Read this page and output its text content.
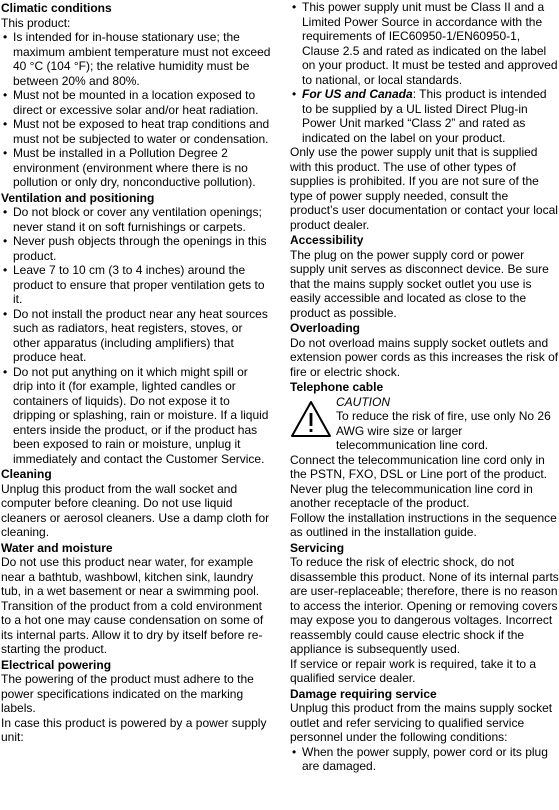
Climatic conditions

This product:

• Is intended for in-house stationary use; the maximum ambient temperature must not exceed 40 °C (104 °F); the relative humidity must be between 20% and 80%.
• Must not be mounted in a location exposed to direct or excessive solar and/or heat radiation.
• Must not be exposed to heat trap conditions and must not be subjected to water or condensation.
• Must be installed in a Pollution Degree 2 environment (environment where there is no pollution or only dry, nonconductive pollution).
Ventilation and positioning
• Do not block or cover any ventilation openings; never stand it on soft furnishings or carpets.
• Never push objects through the openings in this product.
• Leave 7 to 10 cm (3 to 4 inches) around the product to ensure that proper ventilation gets to it.
• Do not install the product near any heat sources such as radiators, heat registers, stoves, or other apparatus (including amplifiers) that produce heat.
• Do not put anything on it which might spill or drip into it (for example, lighted candles or containers of liquids). Do not expose it to dripping or splashing, rain or moisture. If a liquid enters inside the product, or if the product has been exposed to rain or moisture, unplug it immediately and contact the Customer Service.
Cleaning

Unplug this product from the wall socket and computer before cleaning. Do not use liquid cleaners or aerosol cleaners. Use a damp cloth for cleaning.

Water and moisture

Do not use this product near water, for example near a bathtub, washbowl, kitchen sink, laundry tub, in a wet basement or near a swimming pool. Transition of the product from a cold environment to a hot one may cause condensation on some of its internal parts. Allow it to dry by itself before re-starting the product.

Electrical powering

The powering of the product must adhere to the power specifications indicated on the marking labels.

In case this product is powered by a power supply unit:

• This power supply unit must be Class II and a Limited Power Source in accordance with the requirements of IEC60950-1/EN60950-1, Clause 2.5 and rated as indicated on the label on your product. It must be tested and approved to national, or local standards.
• For US and Canada: This product is intended to be supplied by a UL listed Direct Plug-in Power Unit marked “Class 2” and rated as indicated on the label on your product.

Only use the power supply unit that is supplied with this product. The use of other types of supplies is prohibited. If you are not sure of the type of power supply needed, consult the product’s user documentation or contact your local product dealer.

Accessibility

The plug on the power supply cord or power supply unit serves as disconnect device. Be sure that the mains supply socket outlet you use is easily accessible and located as close to the product as possible.

Overloading

Do not overload mains supply socket outlets and extension power cords as this increases the risk of fire or electric shock.

Telephone cable
CAUTION
To reduce the risk of fire, use only No 26 AWG wire size or larger telecommunication line cord.

Connect the telecommunication line cord only in the PSTN, FXO, DSL or Line port of the product. Never plug the telecommunication line cord in another receptacle of the product.

Follow the installation instructions in the sequence as outlined in the installation guide.

Servicing

To reduce the risk of electric shock, do not disassemble this product. None of its internal parts are user-replaceable; therefore, there is no reason to access the interior. Opening or removing covers may expose you to dangerous voltages. Incorrect reassembly could cause electric shock if the appliance is subsequently used.

If service or repair work is required, take it to a qualified service dealer.

Damage requiring service

Unplug this product from the mains supply socket outlet and refer servicing to qualified service personnel under the following conditions:

• When the power supply, power cord or its plug are damaged.
